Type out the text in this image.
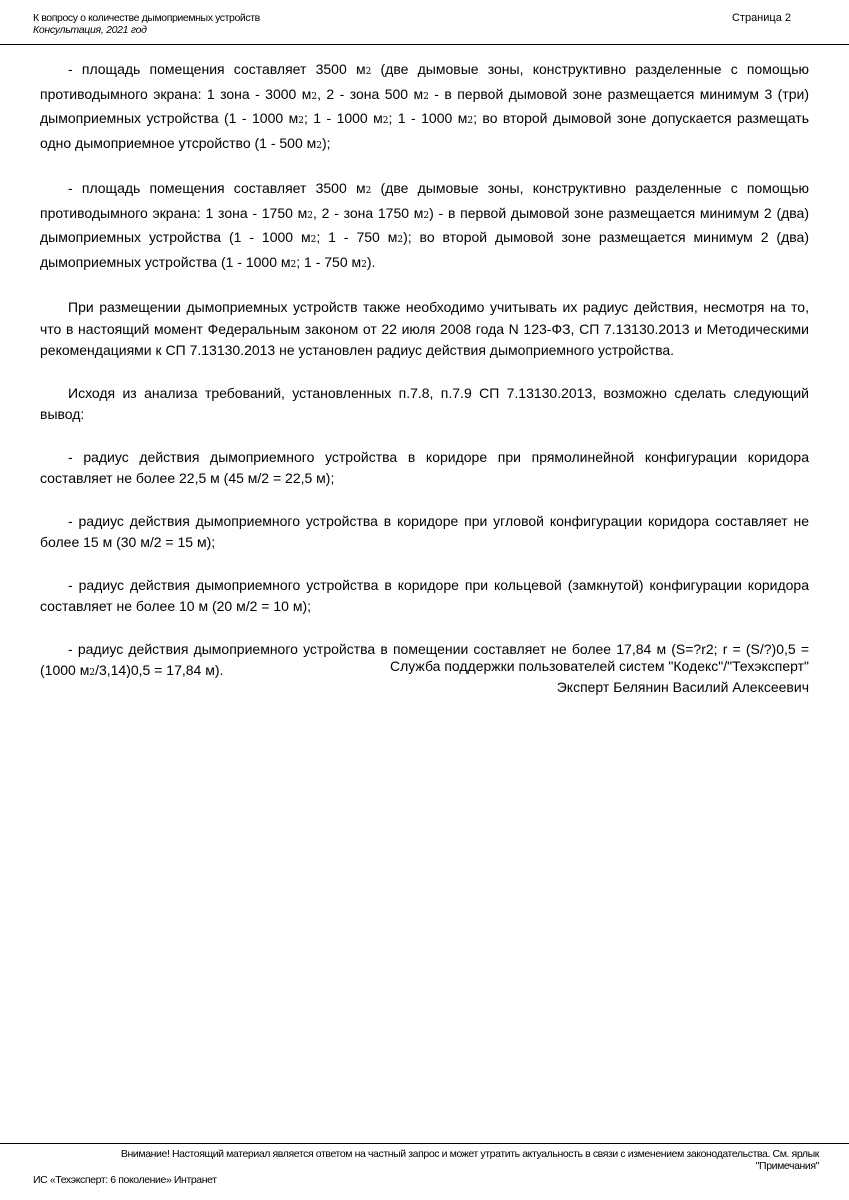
К вопросу о количестве дымоприемных устройств
Консультация, 2021 год
Страница 2

- площадь помещения составляет 3500 м2 (две дымовые зоны, конструктивно разделенные с помощью противодымного экрана: 1 зона - 3000 м2, 2 - зона 500 м2 - в первой дымовой зоне размещается минимум 3 (три) дымоприемных устройства (1 - 1000 м2; 1 - 1000 м2; 1 - 1000 м2; во второй дымовой зоне допускается размещать одно дымоприемное утсройство (1 - 500 м2);

- площадь помещения составляет 3500 м2 (две дымовые зоны, конструктивно разделенные с помощью противодымного экрана: 1 зона - 1750 м2, 2 - зона 1750 м2) - в первой дымовой зоне размещается минимум 2 (два) дымоприемных устройства (1 - 1000 м2; 1 - 750 м2); во второй дымовой зоне размещается минимум 2 (два) дымоприемных устройства (1 - 1000 м2; 1 - 750 м2).

При размещении дымоприемных устройств также необходимо учитывать их радиус действия, несмотря на то, что в настоящий момент Федеральным законом от 22 июля 2008 года N 123-ФЗ, СП 7.13130.2013 и Методическими рекомендациями к СП 7.13130.2013 не установлен радиус действия дымоприемного устройства.

Исходя из анализа требований, установленных п.7.8, п.7.9 СП 7.13130.2013, возможно сделать следующий вывод:

- радиус действия дымоприемного устройства в коридоре при прямолинейной конфигурации коридора составляет не более 22,5 м (45 м/2 = 22,5 м);

- радиус действия дымоприемного устройства в коридоре при угловой конфигурации коридора составляет не более 15 м (30 м/2 = 15 м);

- радиус действия дымоприемного устройства в коридоре при кольцевой (замкнутой) конфигурации коридора составляет не более 10 м (20 м/2 = 10 м);

- радиус действия дымоприемного устройства в помещении составляет не более 17,84 м (S=?r2; r = (S/?)0,5 = (1000 м2/3,14)0,5 = 17,84 м).	Служба поддержки пользователей систем "Кодекс"/"Техэксперт"
Эксперт Белянин Василий Алексеевич
Внимание! Настоящий материал является ответом на частный запрос и может утратить актуальность в связи с изменением законодательства. См. ярлык
"Примечания"
ИС «Техэксперт: 6 поколение» Интранет
